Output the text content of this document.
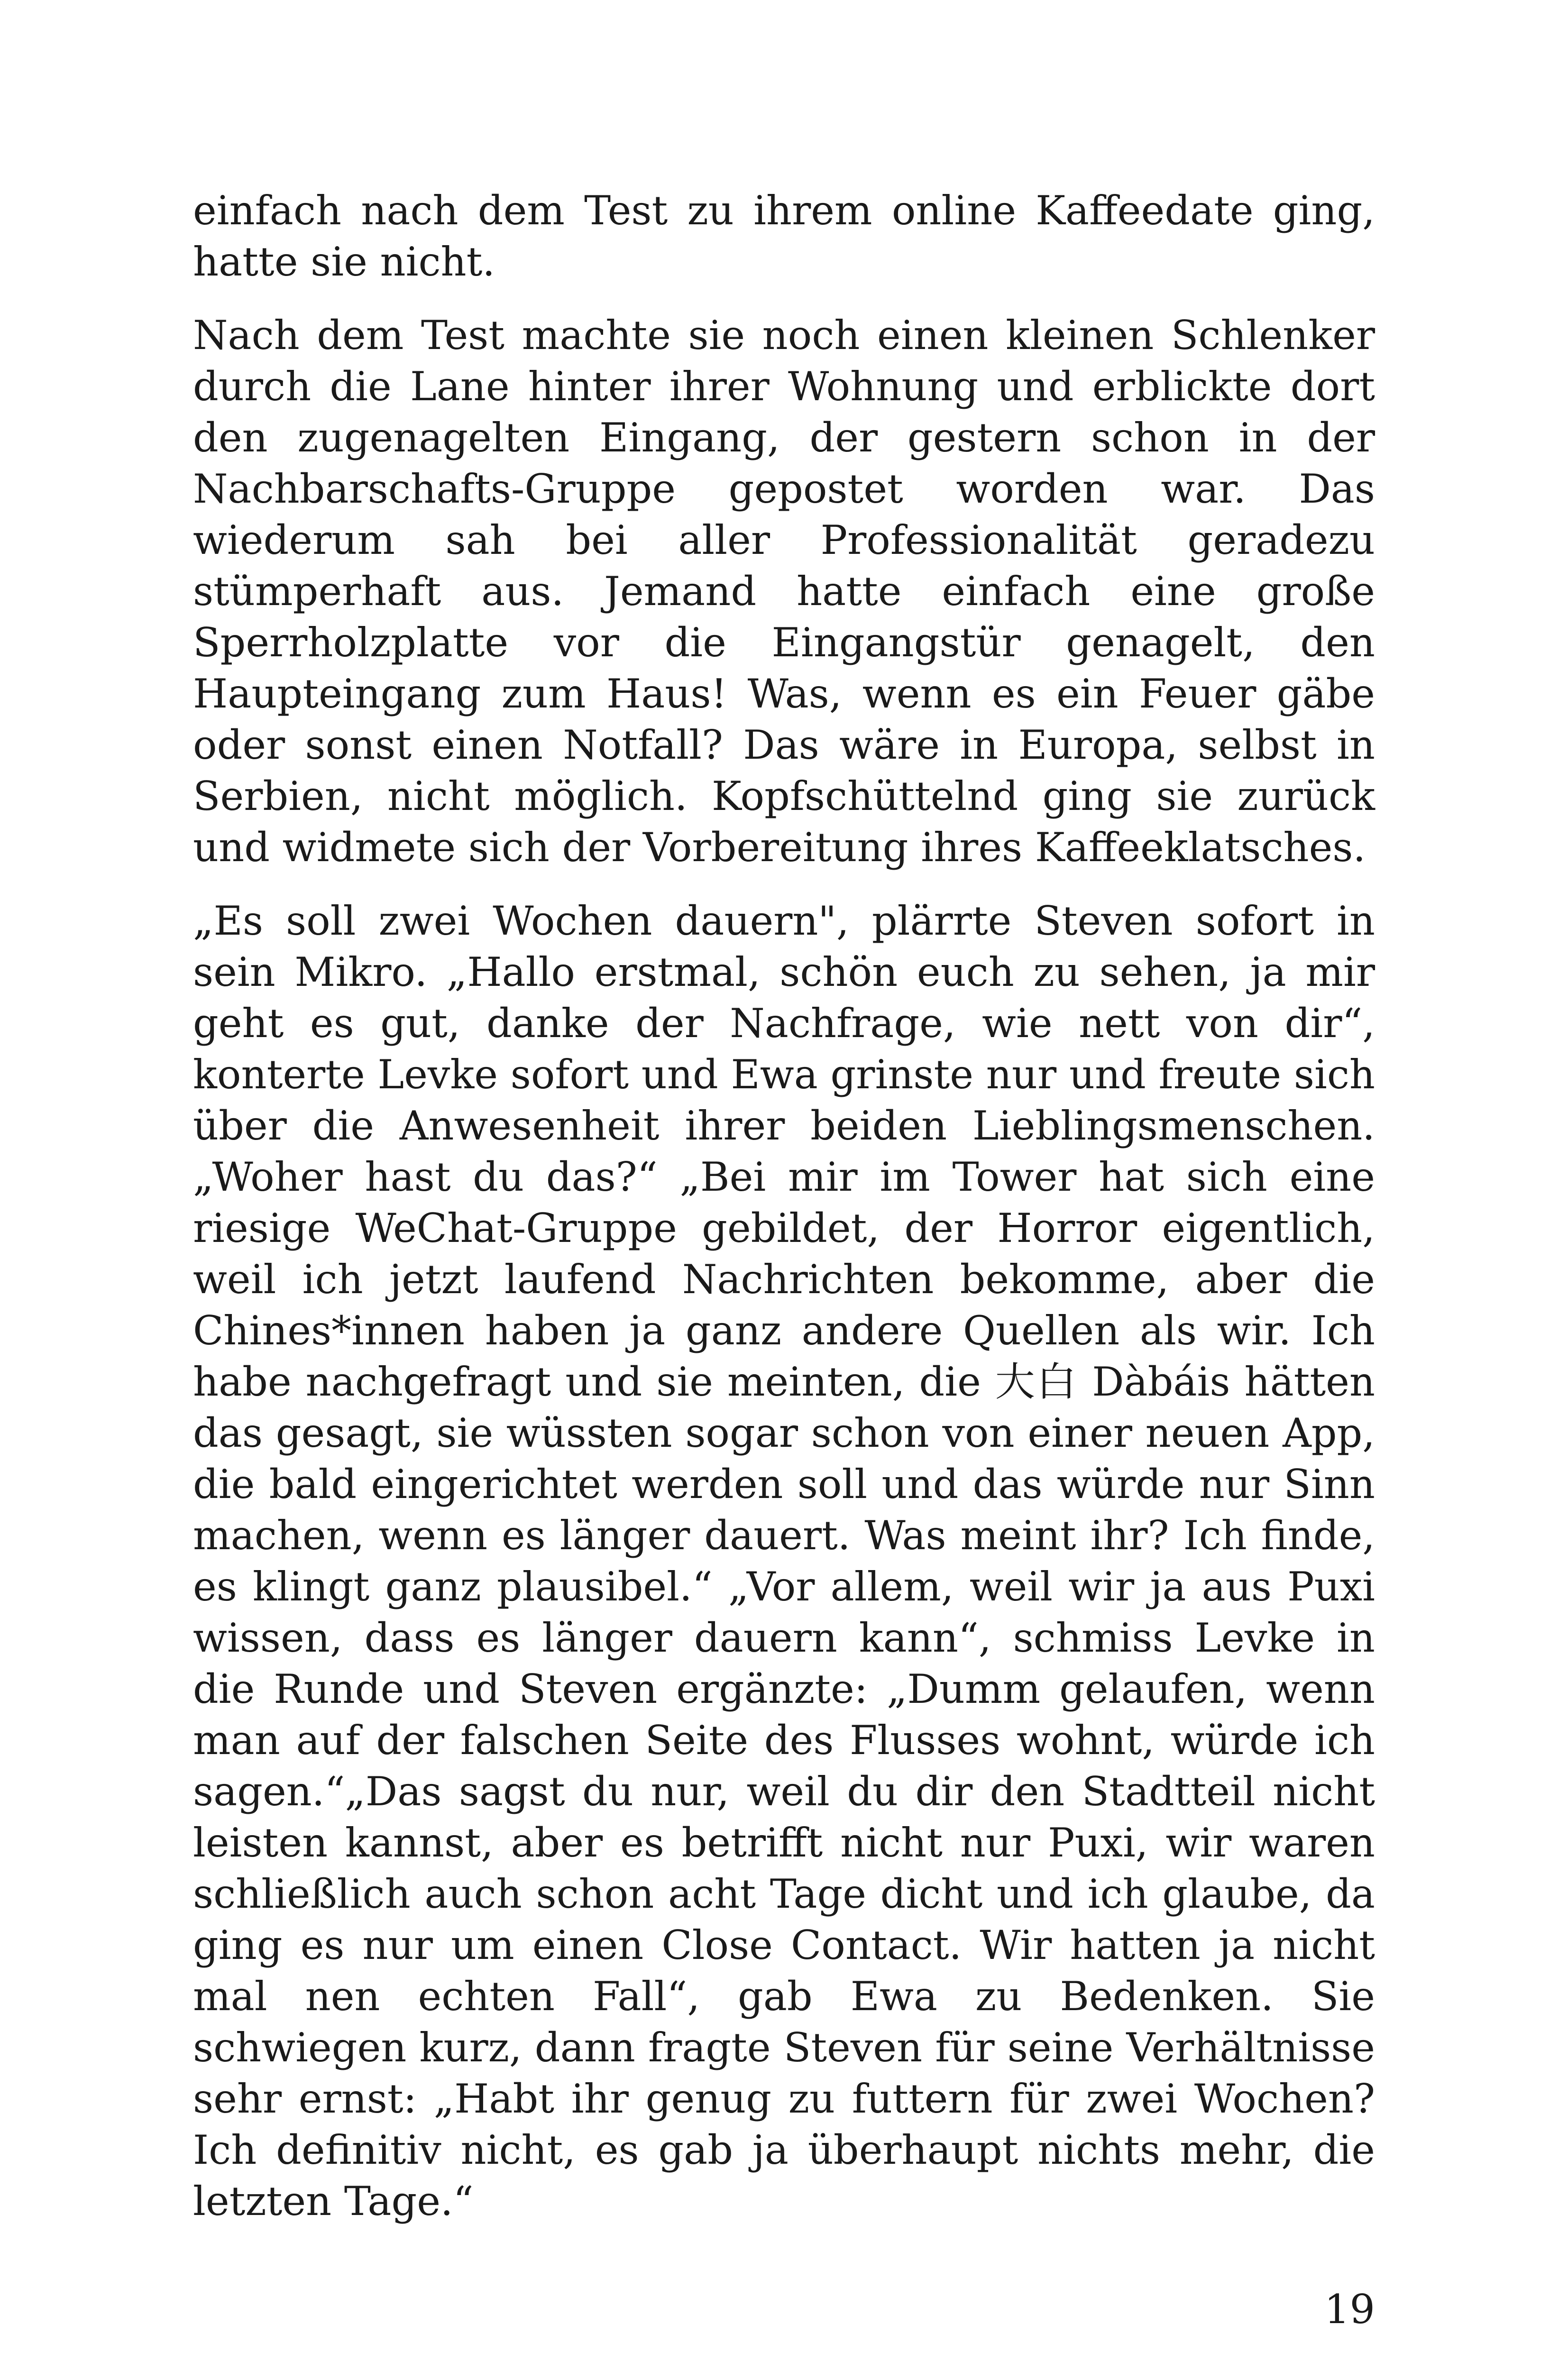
einfach nach dem Test zu ihrem online Kaffeedate ging, hatte sie nicht.

Nach dem Test machte sie noch einen kleinen Schlenker durch die Lane hinter ihrer Wohnung und erblickte dort den zugenagelten Eingang, der gestern schon in der Nachbarschafts-Gruppe gepostet worden war. Das wiederum sah bei aller Professionalität geradezu stümperhaft aus. Jemand hatte einfach eine große Sperrholzplatte vor die Eingangstür genagelt, den Haupteingang zum Haus! Was, wenn es ein Feuer gäbe oder sonst einen Notfall? Das wäre in Europa, selbst in Serbien, nicht möglich. Kopfschüttelnd ging sie zurück und widmete sich der Vorbereitung ihres Kaffeeklatsches.

„Es soll zwei Wochen dauern", plärrte Steven sofort in sein Mikro. „Hallo erstmal, schön euch zu sehen, ja mir geht es gut, danke der Nachfrage, wie nett von dir“, konterte Levke sofort und Ewa grinste nur und freute sich über die Anwesenheit ihrer beiden Lieblingsmenschen. „Woher hast du das?“ „Bei mir im Tower hat sich eine riesige WeChat-Gruppe gebildet, der Horror eigentlich, weil ich jetzt laufend Nachrichten bekomme, aber die Chines*innen haben ja ganz andere Quellen als wir. Ich habe nachgefragt und sie meinten, die 大白 Dàbáis hätten das gesagt, sie wüssten sogar schon von einer neuen App, die bald eingerichtet werden soll und das würde nur Sinn machen, wenn es länger dauert. Was meint ihr? Ich finde, es klingt ganz plausibel.“ „Vor allem, weil wir ja aus Puxi wissen, dass es länger dauern kann“, schmiss Levke in die Runde und Steven ergänzte: „Dumm gelaufen, wenn man auf der falschen Seite des Flusses wohnt, würde ich sagen.“„Das sagst du nur, weil du dir den Stadtteil nicht leisten kannst, aber es betrifft nicht nur Puxi, wir waren schließlich auch schon acht Tage dicht und ich glaube, da ging es nur um einen Close Contact. Wir hatten ja nicht mal nen echten Fall“, gab Ewa zu Bedenken. Sie schwiegen kurz, dann fragte Steven für seine Verhältnisse sehr ernst: „Habt ihr genug zu futtern für zwei Wochen? Ich definitiv nicht, es gab ja überhaupt nichts mehr, die letzten Tage.“

19
